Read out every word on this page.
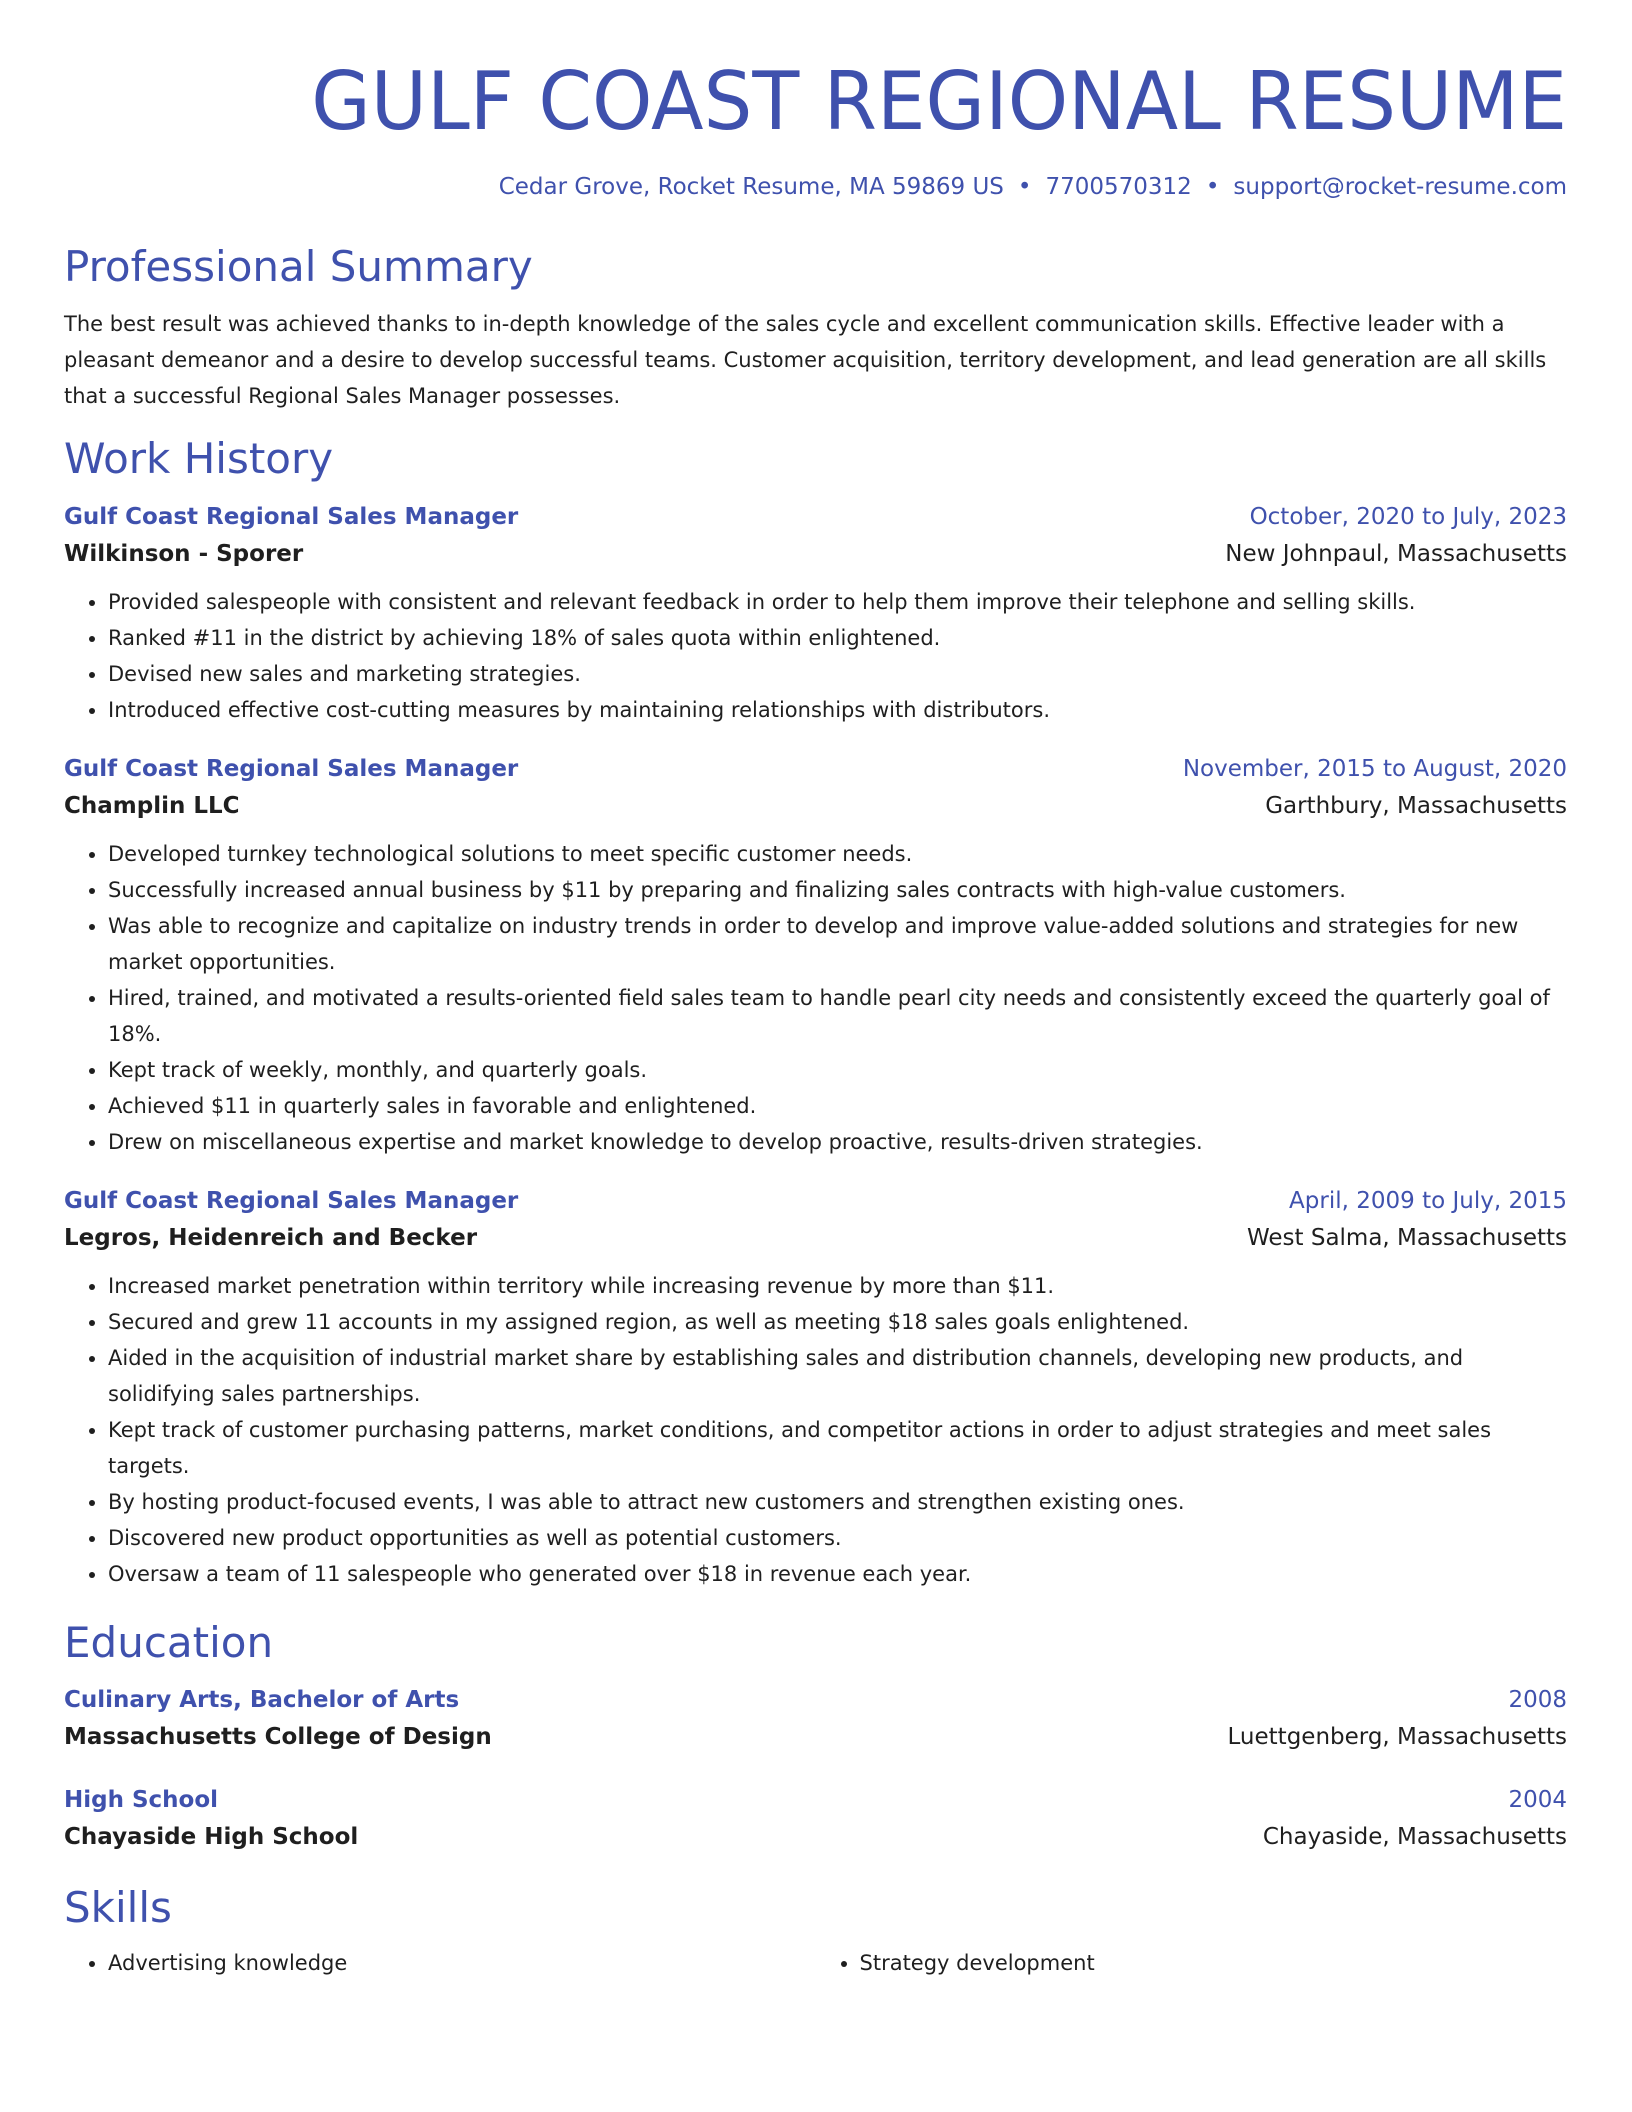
GULF COAST REGIONAL RESUME
Cedar Grove, Rocket Resume, MA 59869 US • 7700570312 • support@rocket-resume.com
Professional Summary
The best result was achieved thanks to in-depth knowledge of the sales cycle and excellent communication skills. Effective leader with a pleasant demeanor and a desire to develop successful teams. Customer acquisition, territory development, and lead generation are all skills that a successful Regional Sales Manager possesses.
Work History
Gulf Coast Regional Sales Manager	October, 2020 to July, 2023
Wilkinson - Sporer	New Johnpaul, Massachusetts
• Provided salespeople with consistent and relevant feedback in order to help them improve their telephone and selling skills.
• Ranked #11 in the district by achieving 18% of sales quota within enlightened.
• Devised new sales and marketing strategies.
• Introduced effective cost-cutting measures by maintaining relationships with distributors.
Gulf Coast Regional Sales Manager	November, 2015 to August, 2020
Champlin LLC	Garthbury, Massachusetts
• Developed turnkey technological solutions to meet specific customer needs.
• Successfully increased annual business by $11 by preparing and finalizing sales contracts with high-value customers.
• Was able to recognize and capitalize on industry trends in order to develop and improve value-added solutions and strategies for new market opportunities.
• Hired, trained, and motivated a results-oriented field sales team to handle pearl city needs and consistently exceed the quarterly goal of 18%.
• Kept track of weekly, monthly, and quarterly goals.
• Achieved $11 in quarterly sales in favorable and enlightened.
• Drew on miscellaneous expertise and market knowledge to develop proactive, results-driven strategies.
Gulf Coast Regional Sales Manager	April, 2009 to July, 2015
Legros, Heidenreich and Becker	West Salma, Massachusetts
• Increased market penetration within territory while increasing revenue by more than $11.
• Secured and grew 11 accounts in my assigned region, as well as meeting $18 sales goals enlightened.
• Aided in the acquisition of industrial market share by establishing sales and distribution channels, developing new products, and solidifying sales partnerships.
• Kept track of customer purchasing patterns, market conditions, and competitor actions in order to adjust strategies and meet sales targets.
• By hosting product-focused events, I was able to attract new customers and strengthen existing ones.
• Discovered new product opportunities as well as potential customers.
• Oversaw a team of 11 salespeople who generated over $18 in revenue each year.
Education
Culinary Arts, Bachelor of Arts	2008
Massachusetts College of Design	Luettgenberg, Massachusetts
High School	2004
Chayaside High School	Chayaside, Massachusetts
Skills
• Advertising knowledge
•	Strategy development
